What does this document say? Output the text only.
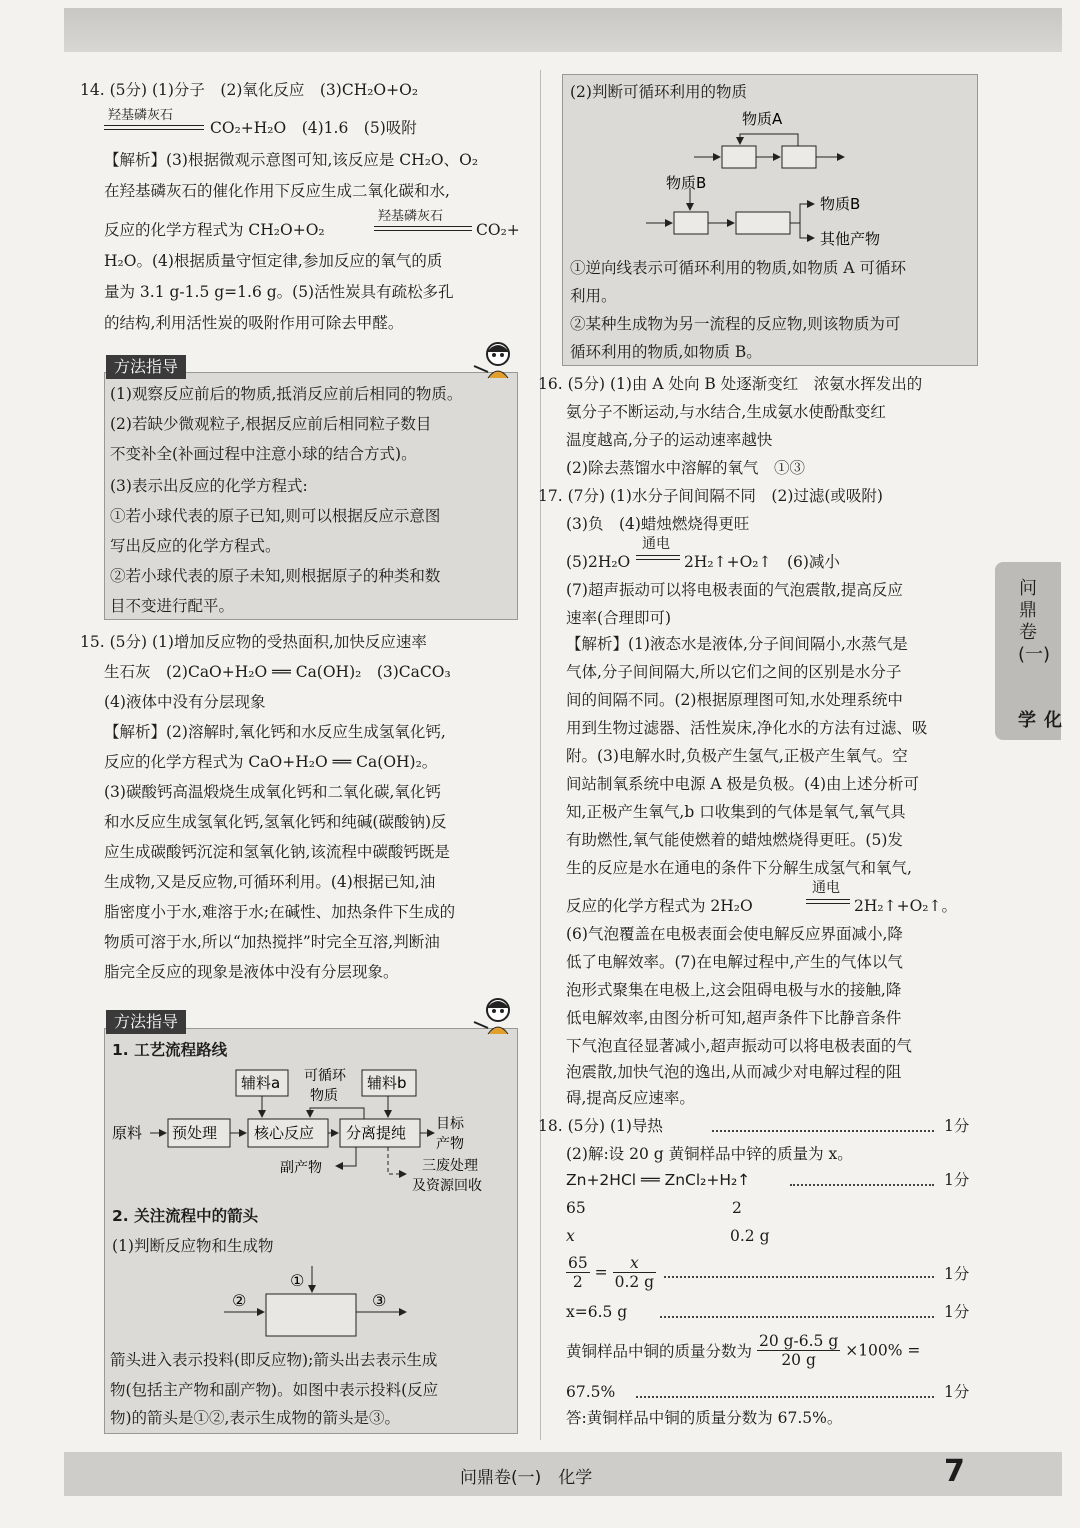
14. (5分) (1)分子　(2)氧化反应　(3)CH₂O+O₂
羟基磷灰石
CO₂+H₂O　(4)1.6　(5)吸附
【解析】(3)根据微观示意图可知,该反应是 CH₂O、O₂
在羟基磷灰石的催化作用下反应生成二氧化碳和水,
反应的化学方程式为 CH₂O+O₂
羟基磷灰石
CO₂+
H₂O。(4)根据质量守恒定律,参加反应的氧气的质
量为 3.1 g-1.5 g=1.6 g。(5)活性炭具有疏松多孔
的结构,利用活性炭的吸附作用可除去甲醛。
方法指导
(1)观察反应前后的物质,抵消反应前后相同的物质。
(2)若缺少微观粒子,根据反应前后相同粒子数目
不变补全(补画过程中注意小球的结合方式)。
(3)表示出反应的化学方程式:
①若小球代表的原子已知,则可以根据反应示意图
写出反应的化学方程式。
②若小球代表的原子未知,则根据原子的种类和数
目不变进行配平。
15. (5分) (1)增加反应物的受热面积,加快反应速率
生石灰　(2)CaO+H₂O ══ Ca(OH)₂　(3)CaCO₃
(4)液体中没有分层现象
【解析】(2)溶解时,氧化钙和水反应生成氢氧化钙,
反应的化学方程式为 CaO+H₂O ══ Ca(OH)₂。
(3)碳酸钙高温煅烧生成氧化钙和二氧化碳,氧化钙
和水反应生成氢氧化钙,氢氧化钙和纯碱(碳酸钠)反
应生成碳酸钙沉淀和氢氧化钠,该流程中碳酸钙既是
生成物,又是反应物,可循环利用。(4)根据已知,油
脂密度小于水,难溶于水;在碱性、加热条件下生成的
物质可溶于水,所以“加热搅拌”时完全互溶,判断油
脂完全反应的现象是液体中没有分层现象。
方法指导
1. 工艺流程路线
原料 预处理 核心反应 分离提纯
辅料a	辅料b
可循环
物质
目标
产物
副产物	三废处理
及资源回收
2. 关注流程中的箭头
(1)判断反应物和生成物
①
②	③
箭头进入表示投料(即反应物);箭头出去表示生成
物(包括主产物和副产物)。如图中表示投料(反应
物)的箭头是①②,表示生成物的箭头是③。
(2)判断可循环利用的物质
物质A
物质B
物质B
其他产物
①逆向线表示可循环利用的物质,如物质 A 可循环
利用。
②某种生成物为另一流程的反应物,则该物质为可
循环利用的物质,如物质 B。
16. (5分) (1)由 A 处向 B 处逐渐变红　浓氨水挥发出的
氨分子不断运动,与水结合,生成氨水使酚酞变红
温度越高,分子的运动速率越快
(2)除去蒸馏水中溶解的氧气　①③
17. (7分) (1)水分子间间隔不同　(2)过滤(或吸附)
(3)负　(4)蜡烛燃烧得更旺
(5)2H₂O
通电
2H₂↑+O₂↑　(6)减小
(7)超声振动可以将电极表面的气泡震散,提高反应
速率(合理即可)
【解析】(1)液态水是液体,分子间间隔小,水蒸气是
气体,分子间间隔大,所以它们之间的区别是水分子
间的间隔不同。(2)根据原理图可知,水处理系统中
用到生物过滤器、活性炭床,净化水的方法有过滤、吸
附。(3)电解水时,负极产生氢气,正极产生氧气。空
间站制氧系统中电源 A 极是负极。(4)由上述分析可
知,正极产生氧气,b 口收集到的气体是氧气,氧气具
有助燃性,氧气能使燃着的蜡烛燃烧得更旺。(5)发
生的反应是水在通电的条件下分解生成氢气和氧气,
反应的化学方程式为 2H₂O
通电
2H₂↑+O₂↑。
(6)气泡覆盖在电极表面会使电解反应界面减小,降
低了电解效率。(7)在电解过程中,产生的气体以气
泡形式聚集在电极上,这会阻碍电极与水的接触,降
低电解效率,由图分析可知,超声条件下比静音条件
下气泡直径显著减小,超声振动可以将电极表面的气
泡震散,加快气泡的逸出,从而减少对电解过程的阻
碍,提高反应速率。
18. (5分) (1)导热	1分
(2)解:设 20 g 黄铜样品中锌的质量为 x。
Zn+2HCl ══ ZnCl₂+H₂↑	1分
65	2
x	0.2 g
$\frac{65}{2} = \frac{x}{0.2 g}$	1分
x=6.5 g	1分
黄铜样品中铜的质量分数为 $\frac{20 g-6.5 g}{20 g} \times 100\%$ =
67.5%	1分
答:黄铜样品中铜的质量分数为 67.5%。
问鼎卷(一)
化学
问鼎卷(一)　化学	7
